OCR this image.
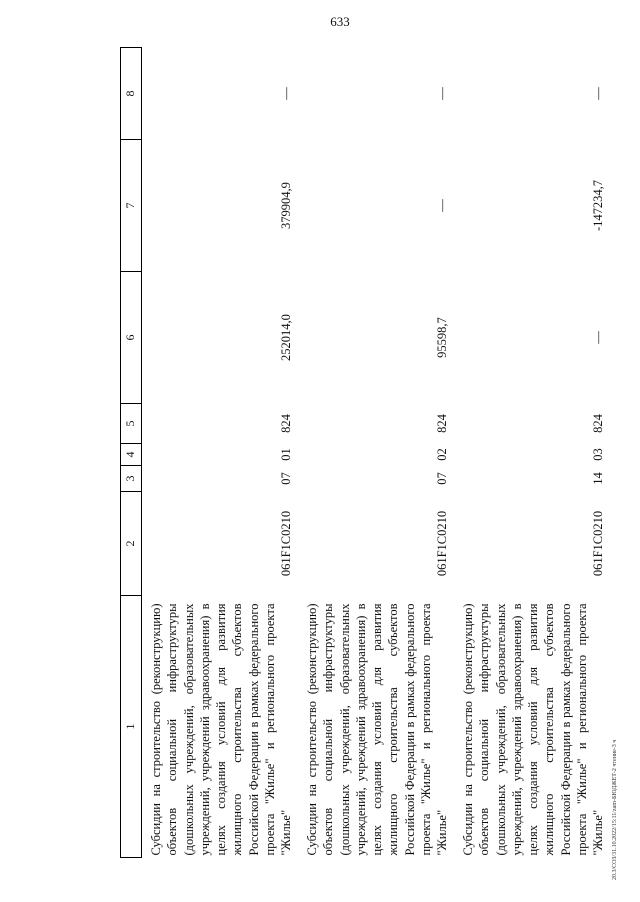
633
1	2	3	4	5	6	7	8

Субсидии на строительство (реконструкцию) объектов социальной инфраструктуры (дошкольных учреждений, образовательных учреждений, учреждений здравоохранения) в целях создания условий для развития жилищного строительства субъектов Российской Федерации в рамках федерального проекта "Жилье" и регионального проекта "Жилье"	061F1C0210	07	01	824	252014,0	379904,9	—

Субсидии на строительство (реконструкцию) объектов социальной инфраструктуры (дошкольных учреждений, образовательных учреждений, учреждений здравоохранения) в целях создания условий для развития жилищного строительства субъектов Российской Федерации в рамках федерального проекта "Жилье" и регионального проекта "Жилье"	061F1C0210	07	02	824	95598,7	—	—

Субсидии на строительство (реконструкцию) объектов социальной инфраструктуры (дошкольных учреждений, образовательных учреждений, учреждений здравоохранения) в целях создания условий для развития жилищного строительства субъектов Российской Федерации в рамках федерального проекта "Жилье" и регионального проекта "Жилье"	061F1C0210	14	03	824	—	-147234,7	—
20.3/СОЗ/31.10.2022/15:11/zam-БЮДЖЕТ-2 чтение-3 ч
